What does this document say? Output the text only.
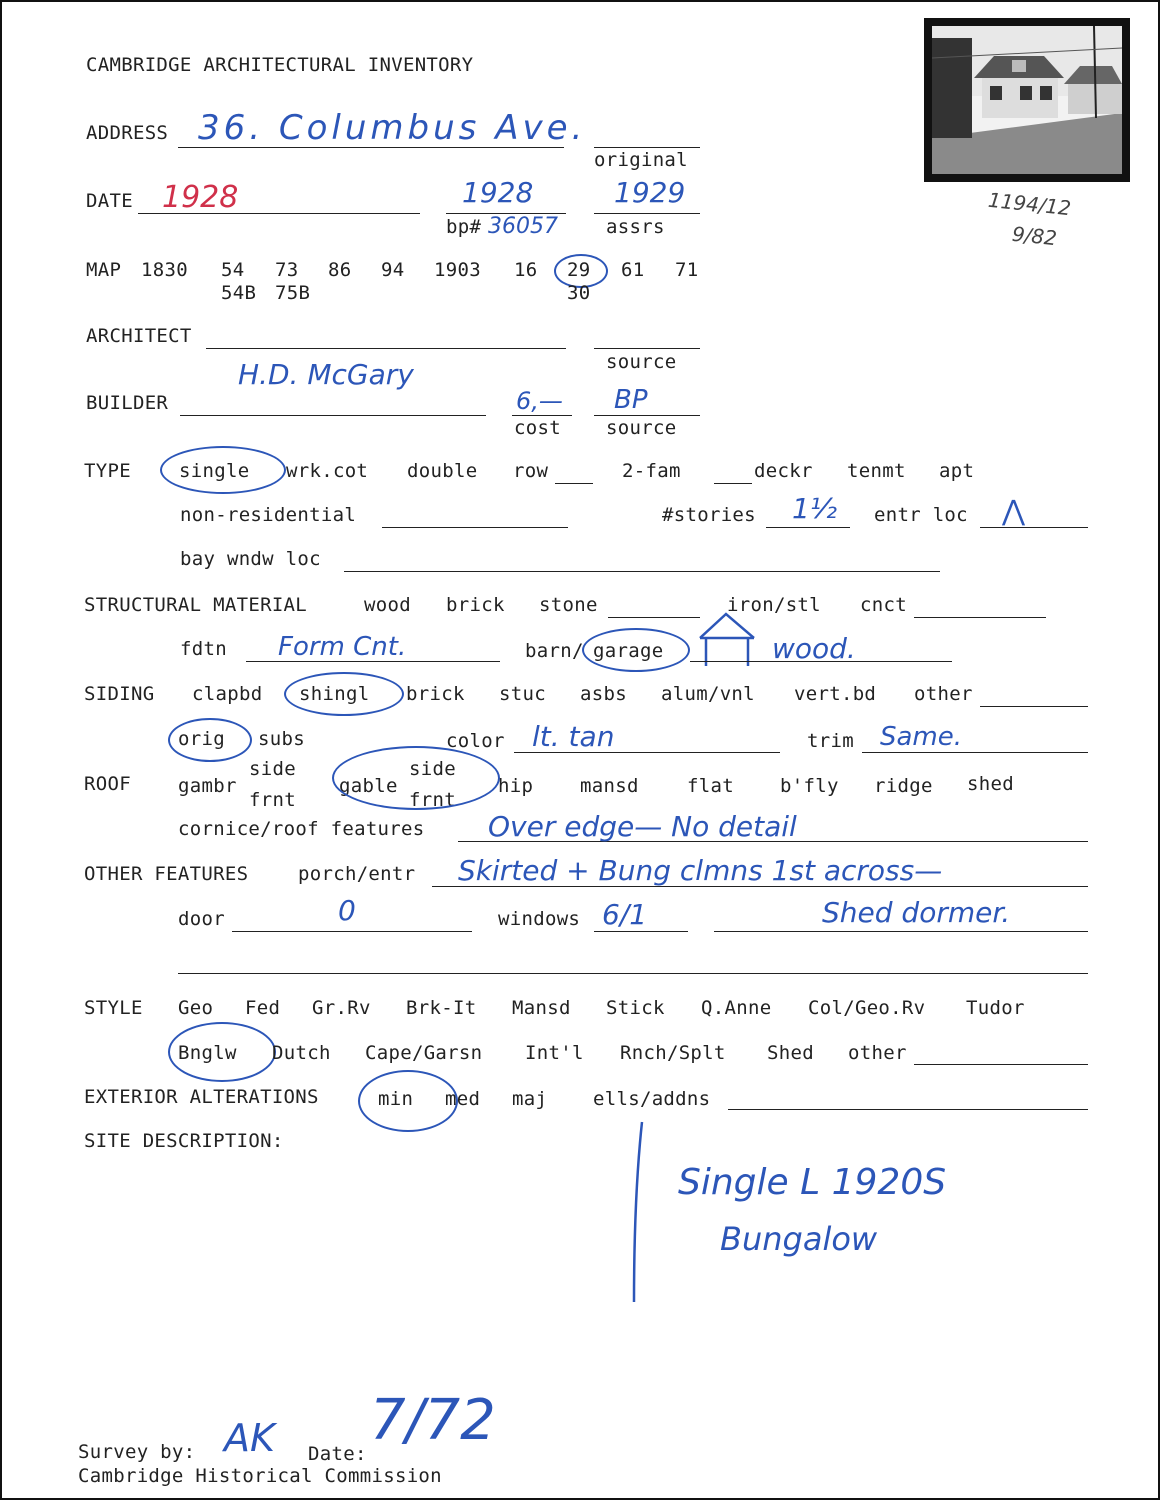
CAMBRIDGE ARCHITECTURAL INVENTORY
1194/12
9/82
ADDRESS 36. Columbus Ave.
original
DATE 1928	1928
bp# 36057
1929
assrs
MAP 1830 54 73 86 94 1903 16 29 61 71
54B 75B	30
ARCHITECT
source
H.D. McGary
BUILDER	6,—
cost
BP
source
TYPE	single wrk.cot double row	2-fam	deckr tenmt apt
non-residential	#stories 1½ entr loc ⋀
bay wndw loc
STRUCTURAL MATERIAL	wood brick stone	iron/stl cnct
fdtn Form Cnt.	barn/ garage	wood.
SIDING clapbd shingl brick stuc asbs alum/vnl vert.bd other
orig subs	color lt. tan	trim Same.
ROOF gambr
side
frnt
gable
side
frnt
hip mansd	flat b'fly ridge shed
cornice/roof features Over edge— No detail
OTHER FEATURES	porch/entr Skirted + Bung clmns 1st across—
door	0	windows 6/1	Shed dormer.
STYLE Geo Fed Gr.Rv Brk-It Mansd Stick Q.Anne Col/Geo.Rv Tudor
Bnglw Dutch Cape/Garsn Int'l Rnch/Splt Shed other
EXTERIOR ALTERATIONS	min med maj ells/addns
SITE DESCRIPTION:
Single L 1920S
Bungalow
Survey by: AK Date:
7/72
Cambridge Historical Commission
